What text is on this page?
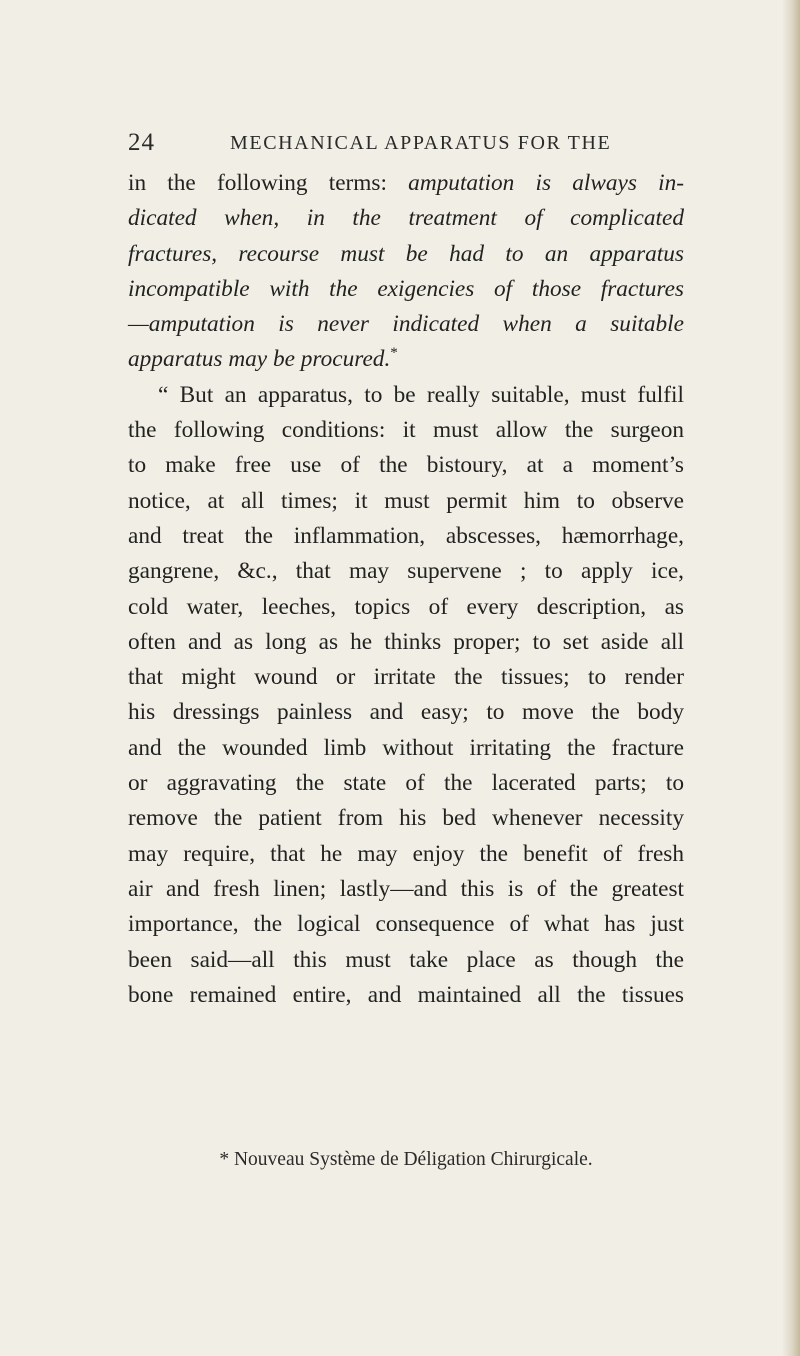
24	MECHANICAL APPARATUS FOR THE
in the following terms: amputation is always in-
dicated when, in the treatment of complicated
fractures, recourse must be had to an apparatus
incompatible with the exigencies of those fractures
—amputation is never indicated when a suitable
apparatus may be procured.*
“ But an apparatus, to be really suitable, must fulfil
the following conditions: it must allow the surgeon
to make free use of the bistoury, at a moment’s
notice, at all times; it must permit him to observe
and treat the inflammation, abscesses, hæmorrhage,
gangrene, &c., that may supervene ; to apply ice,
cold water, leeches, topics of every description, as
often and as long as he thinks proper; to set aside all
that might wound or irritate the tissues; to render
his dressings painless and easy; to move the body
and the wounded limb without irritating the fracture
or aggravating the state of the lacerated parts; to
remove the patient from his bed whenever necessity
may require, that he may enjoy the benefit of fresh
air and fresh linen; lastly—and this is of the greatest
importance, the logical consequence of what has just
been said—all this must take place as though the
bone remained entire, and maintained all the tissues
* Nouveau Système de Déligation Chirurgicale.
